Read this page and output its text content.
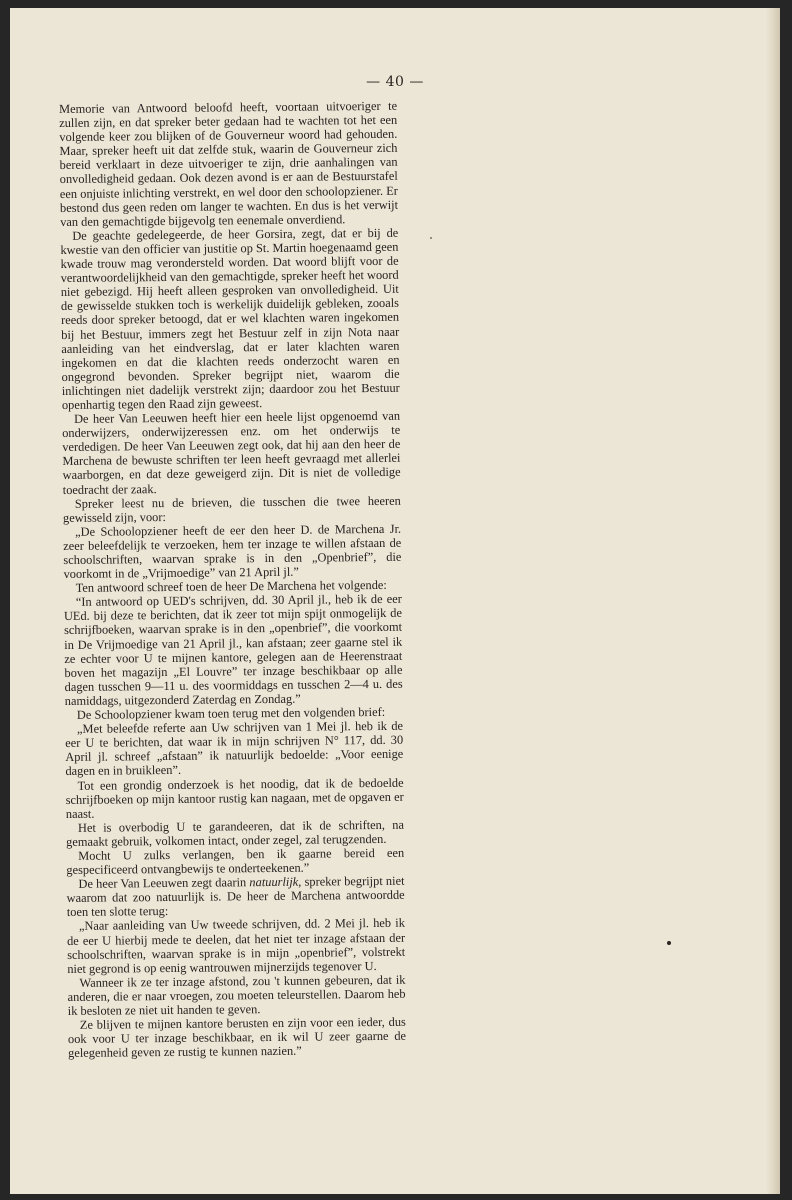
— 40 —

Memorie van Antwoord beloofd heeft, voortaan uitvoeriger te zullen zijn, en dat spreker beter gedaan had te wachten tot het een volgende keer zou blijken of de Gouverneur woord had gehouden. Maar, spreker heeft uit dat zelfde stuk, waarin de Gouverneur zich bereid verklaart in deze uitvoeriger te zijn, drie aanhalingen van onvolledigheid gedaan. Ook dezen avond is er aan de Bestuurstafel een onjuiste inlichting verstrekt, en wel door den schoolopziener. Er bestond dus geen reden om langer te wachten. En dus is het verwijt van den gemachtigde bijgevolg ten eenemale onverdiend.

De geachte gedelegeerde, de heer Gorsira, zegt, dat er bij de kwestie van den officier van justitie op St. Martin hoegenaamd geen kwade trouw mag verondersteld worden. Dat woord blijft voor de verantwoordelijkheid van den gemachtigde, spreker heeft het woord niet gebezigd. Hij heeft alleen gesproken van onvolledigheid. Uit de gewisselde stukken toch is werkelijk duidelijk gebleken, zooals reeds door spreker betoogd, dat er wel klachten waren ingekomen bij het Bestuur, immers zegt het Bestuur zelf in zijn Nota naar aanleiding van het eindverslag, dat er later klachten waren ingekomen en dat die klachten reeds onderzocht waren en ongegrond bevonden. Spreker begrijpt niet, waarom die inlichtingen niet dadelijk verstrekt zijn; daardoor zou het Bestuur openhartig tegen den Raad zijn geweest.

De heer Van Leeuwen heeft hier een heele lijst opgenoemd van onderwijzers, onderwijzeressen enz. om het onderwijs te verdedigen. De heer Van Leeuwen zegt ook, dat hij aan den heer de Marchena de bewuste schriften ter leen heeft gevraagd met allerlei waarborgen, en dat deze geweigerd zijn. Dit is niet de volledige toedracht der zaak.

Spreker leest nu de brieven, die tusschen die twee heeren gewisseld zijn, voor:

„De Schoolopziener heeft de eer den heer D. de Marchena Jr. zeer beleefdelijk te verzoeken, hem ter inzage te willen afstaan de schoolschriften, waarvan sprake is in den „Openbrief”, die voorkomt in de „Vrijmoedige” van 21 April jl.”

Ten antwoord schreef toen de heer De Marchena het volgende:

“In antwoord op UED's schrijven, dd. 30 April jl., heb ik de eer UEd. bij deze te berichten, dat ik zeer tot mijn spijt onmogelijk de schrijfboeken, waarvan sprake is in den „openbrief”, die voorkomt in De Vrijmoedige van 21 April jl., kan afstaan; zeer gaarne stel ik ze echter voor U te mijnen kantore, gelegen aan de Heerenstraat boven het magazijn „El Louvre” ter inzage beschikbaar op alle dagen tusschen 9—11 u. des voormiddags en tusschen 2—4 u. des namiddags, uitgezonderd Zaterdag en Zondag.”

De Schoolopziener kwam toen terug met den volgenden brief:

„Met beleefde referte aan Uw schrijven van 1 Mei jl. heb ik de eer U te berichten, dat waar ik in mijn schrijven N° 117, dd. 30 April jl. schreef „afstaan” ik natuurlijk bedoelde: „Voor eenige dagen en in bruikleen”.

Tot een grondig onderzoek is het noodig, dat ik de bedoelde schrijfboeken op mijn kantoor rustig kan nagaan, met de opgaven er naast.

Het is overbodig U te garandeeren, dat ik de schriften, na gemaakt gebruik, volkomen intact, onder zegel, zal terugzenden.

Mocht U zulks verlangen, ben ik gaarne bereid een gespecificeerd ontvangbewijs te onderteekenen.”

De heer Van Leeuwen zegt daarin natuurlijk, spreker begrijpt niet waarom dat zoo natuurlijk is. De heer de Marchena antwoordde toen ten slotte terug:

„Naar aanleiding van Uw tweede schrijven, dd. 2 Mei jl. heb ik de eer U hierbij mede te deelen, dat het niet ter inzage afstaan der schoolschriften, waarvan sprake is in mijn „openbrief”, volstrekt niet gegrond is op eenig wantrouwen mijnerzijds tegenover U.

Wanneer ik ze ter inzage afstond, zou 't kunnen gebeuren, dat ik anderen, die er naar vroegen, zou moeten teleurstellen. Daarom heb ik besloten ze niet uit handen te geven.

Ze blijven te mijnen kantore berusten en zijn voor een ieder, dus ook voor U ter inzage beschikbaar, en ik wil U zeer gaarne de gelegenheid geven ze rustig te kunnen nazien.”
